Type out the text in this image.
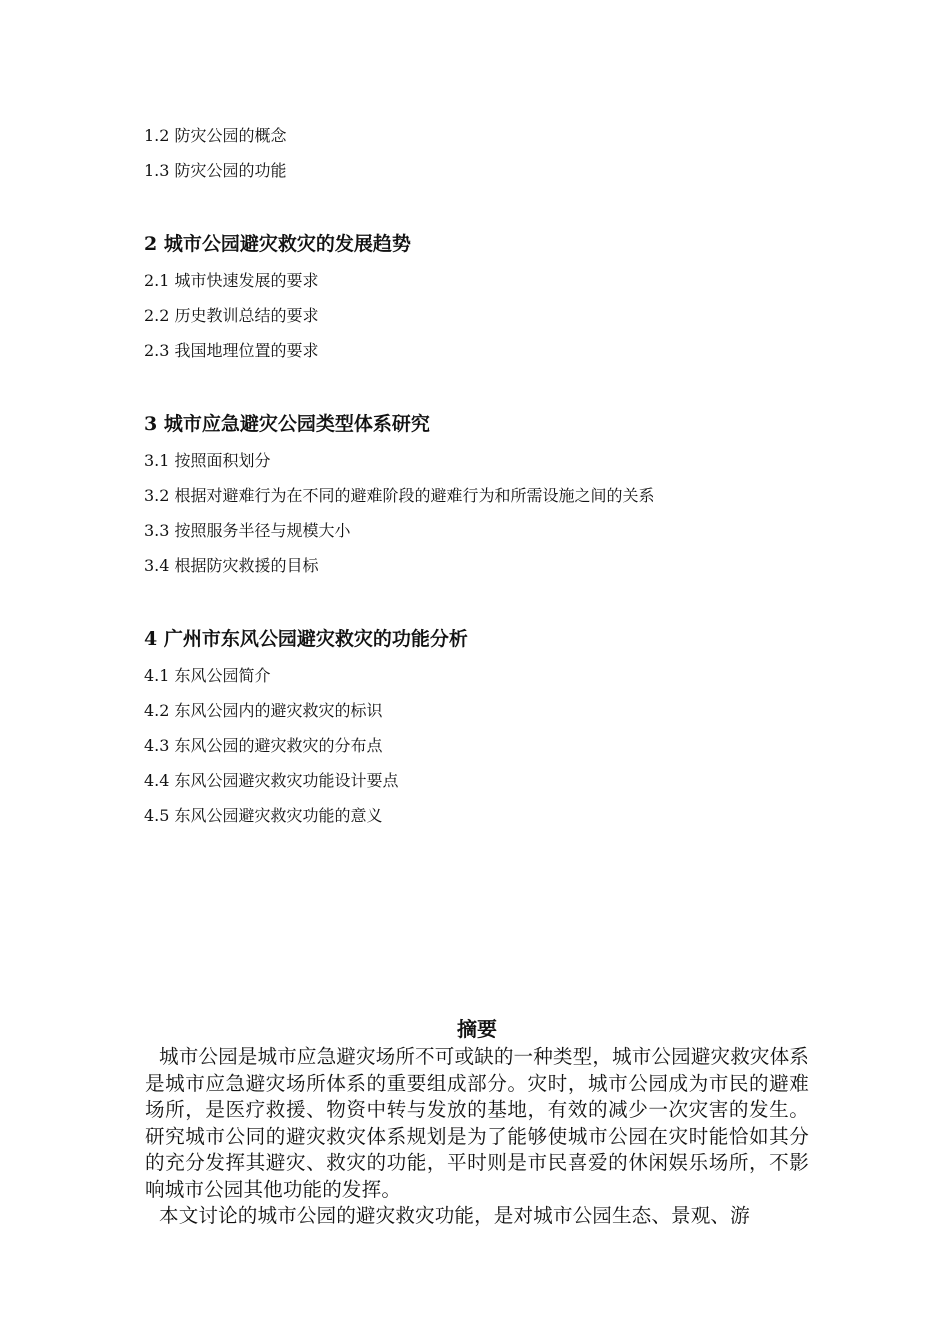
1.2 防灾公园的概念
1.3 防灾公园的功能
2 城市公园避灾救灾的发展趋势
2.1 城市快速发展的要求
2.2 历史教训总结的要求
2.3 我国地理位置的要求
3 城市应急避灾公园类型体系研究
3.1 按照面积划分
3.2 根据对避难行为在不同的避难阶段的避难行为和所需设施之间的关系
3.3 按照服务半径与规模大小
3.4 根据防灾救援的目标
4 广州市东风公园避灾救灾的功能分析
4.1 东风公园简介
4.2 东风公园内的避灾救灾的标识
4.3 东风公园的避灾救灾的分布点
4.4 东风公园避灾救灾功能设计要点
4.5 东风公园避灾救灾功能的意义
摘要

城市公园是城市应急避灾场所不可或缺的一种类型，城市公园避灾救灾体系是城市应急避灾场所体系的重要组成部分。灾时，城市公园成为市民的避难场所，是医疗救援、物资中转与发放的基地，有效的减少一次灾害的发生。研究城市公同的避灾救灾体系规划是为了能够使城市公园在灾时能恰如其分的充分发挥其避灾、救灾的功能，平时则是市民喜爱的休闲娱乐场所，不影响城市公园其他功能的发挥。

本文讨论的城市公园的避灾救灾功能，是对城市公园生态、景观、游
